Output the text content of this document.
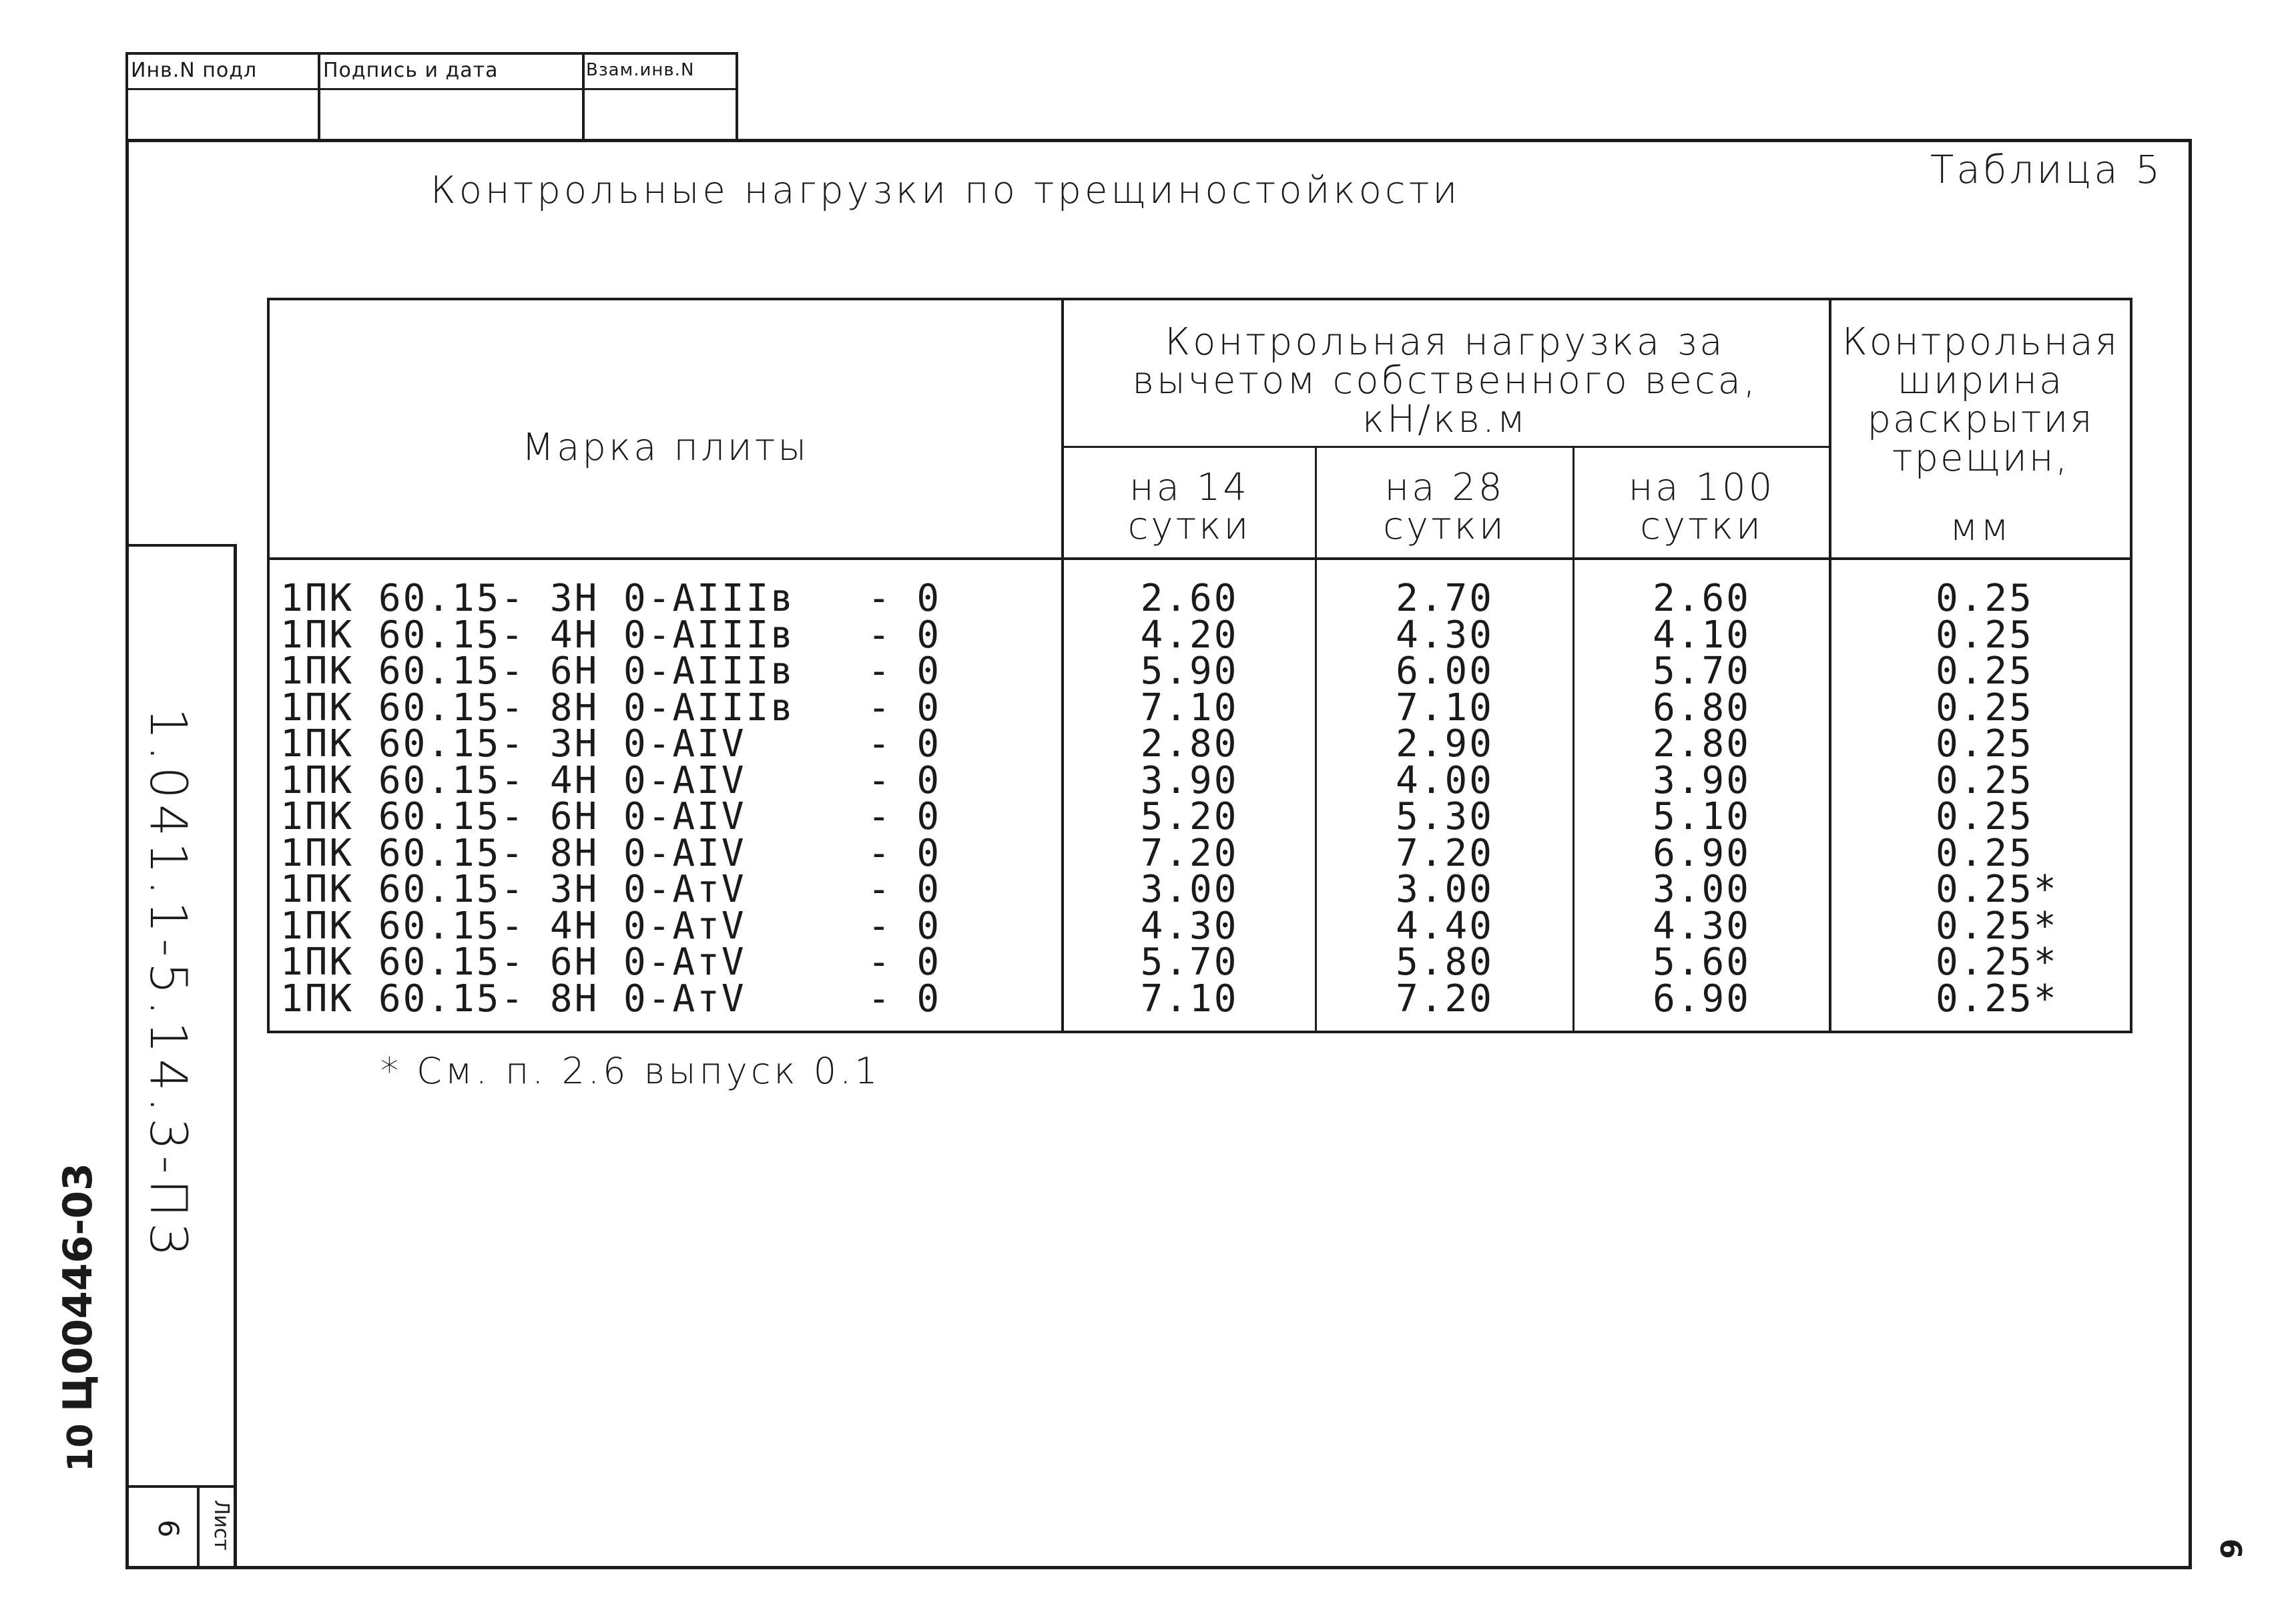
Инв.N подл	Подпись и дата	Взам.инв.N
Таблица 5
Контрольные нагрузки по трещиностойкости
1.041.1-5.14.3-ПЗ
Лист
6
Ц00446-03
10
Марка плиты
Контрольная нагрузка за вычетом собственного веса, кН/кв.м
на 14 сутки
на 28 сутки
на 100 сутки
Контрольная ширина раскрытия трещин,
мм
1ПК 60.15- 3Н 0-AIIIв
1ПК 60.15- 4Н 0-AIIIв
1ПК 60.15- 6Н 0-AIIIв
1ПК 60.15- 8Н 0-AIIIв
1ПК 60.15- 3Н 0-AIV
1ПК 60.15- 4Н 0-AIV
1ПК 60.15- 6Н 0-AIV
1ПК 60.15- 8Н 0-AIV
1ПК 60.15- 3Н 0-AтV
1ПК 60.15- 4Н 0-AтV
1ПК 60.15- 6Н 0-AтV
1ПК 60.15- 8Н 0-AтV
- 0
- 0
- 0
- 0
- 0
- 0
- 0
- 0
- 0
- 0
- 0
- 0
2.60
4.20
5.90
7.10
2.80
3.90
5.20
7.20
3.00
4.30
5.70
7.10
2.70
4.30
6.00
7.10
2.90
4.00
5.30
7.20
3.00
4.40
5.80
7.20
2.60
4.10
5.70
6.80
2.80
3.90
5.10
6.90
3.00
4.30
5.60
6.90
0.25
0.25
0.25
0.25
0.25
0.25
0.25
0.25
0.25*
0.25*
0.25*
0.25*
* См. п. 2.6 выпуск 0.1
9
